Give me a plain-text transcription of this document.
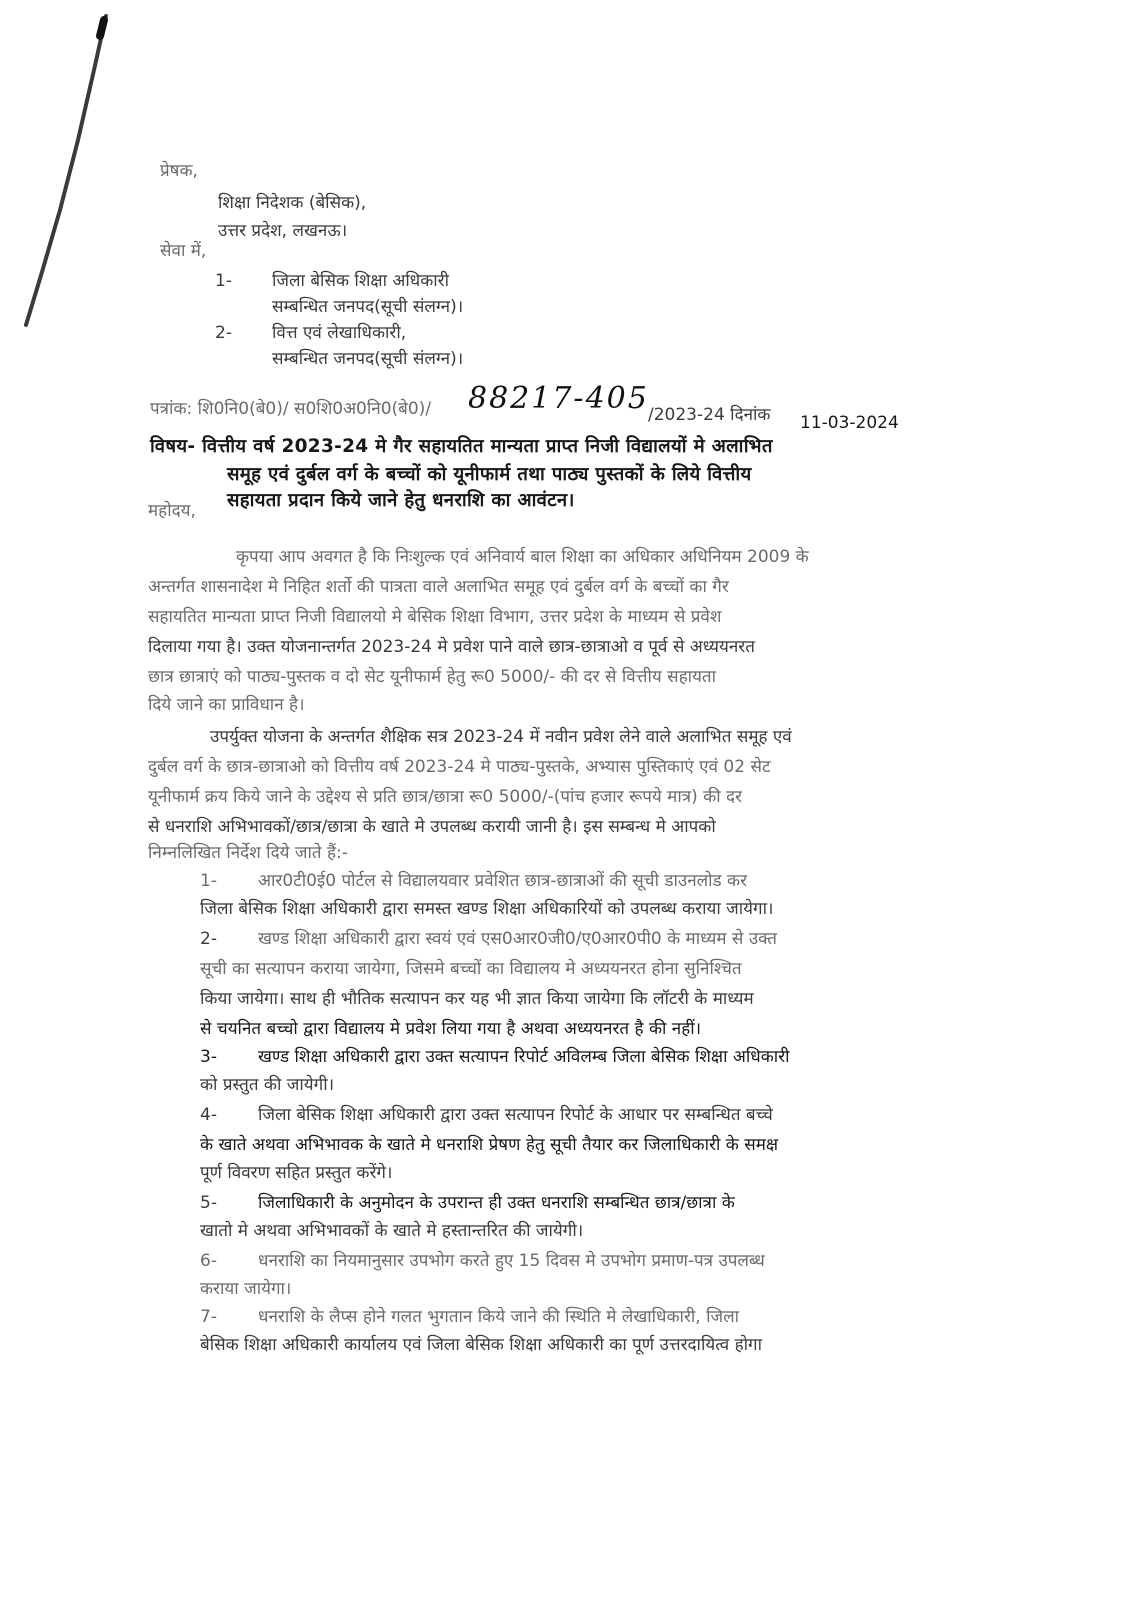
प्रेषक,
शिक्षा निदेशक (बेसिक),
उत्तर प्रदेश, लखनऊ।
सेवा में,
1- जिला बेसिक शिक्षा अधिकारी
सम्बन्धित जनपद(सूची संलग्न)।
2- वित्त एवं लेखाधिकारी,
सम्बन्धित जनपद(सूची संलग्न)।
पत्रांक: शि0नि0(बे0)/ स0शि0अ0नि0(बे0)/ 88217-405 /2023-24 दिनांक 11-03-2024
विषय- वित्तीय वर्ष 2023-24 मे गैर सहायतित मान्यता प्राप्त निजी विद्यालयों मे अलाभित
समूह एवं दुर्बल वर्ग के बच्चों को यूनीफार्म तथा पाठ्य पुस्तकों के लिये वित्तीय
सहायता प्रदान किये जाने हेतु धनराशि का आवंटन।
महोदय,
कृपया आप अवगत है कि निःशुल्क एवं अनिवार्य बाल शिक्षा का अधिकार अधिनियम 2009 के
अन्तर्गत शासनादेश मे निहित शर्तो की पात्रता वाले अलाभित समूह एवं दुर्बल वर्ग के बच्चों का गैर
सहायतित मान्यता प्राप्त निजी विद्यालयो मे बेसिक शिक्षा विभाग, उत्तर प्रदेश के माध्यम से प्रवेश
दिलाया गया है। उक्त योजनान्तर्गत 2023-24 मे प्रवेश पाने वाले छात्र-छात्राओ व पूर्व से अध्ययनरत
छात्र छात्राएं को पाठ्य-पुस्तक व दो सेट यूनीफार्म हेतु रू0 5000/- की दर से वित्तीय सहायता
दिये जाने का प्राविधान है।
उपर्युक्त योजना के अन्तर्गत शैक्षिक सत्र 2023-24 में नवीन प्रवेश लेने वाले अलाभित समूह एवं
दुर्बल वर्ग के छात्र-छात्राओ को वित्तीय वर्ष 2023-24 मे पाठ्य-पुस्तके, अभ्यास पुस्तिकाएं एवं 02 सेट
यूनीफार्म क्रय किये जाने के उद्देश्य से प्रति छात्र/छात्रा रू0 5000/-(पांच हजार रूपये मात्र) की दर
से धनराशि अभिभावकों/छात्र/छात्रा के खाते मे उपलब्ध करायी जानी है। इस सम्बन्ध मे आपको
निम्नलिखित निर्देश दिये जाते हैं:-
1- आर0टी0ई0 पोर्टल से विद्यालयवार प्रवेशित छात्र-छात्राओं की सूची डाउनलोड कर
जिला बेसिक शिक्षा अधिकारी द्वारा समस्त खण्ड शिक्षा अधिकारियों को उपलब्ध कराया जायेगा।
2- खण्ड शिक्षा अधिकारी द्वारा स्वयं एवं एस0आर0जी0/ए0आर0पी0 के माध्यम से उक्त
सूची का सत्यापन कराया जायेगा, जिसमे बच्चों का विद्यालय मे अध्ययनरत होना सुनिश्चित
किया जायेगा। साथ ही भौतिक सत्यापन कर यह भी ज्ञात किया जायेगा कि लॉटरी के माध्यम
से चयनित बच्चो द्वारा विद्यालय मे प्रवेश लिया गया है अथवा अध्ययनरत है की नहीं।
3- खण्ड शिक्षा अधिकारी द्वारा उक्त सत्यापन रिपोर्ट अविलम्ब जिला बेसिक शिक्षा अधिकारी
को प्रस्तुत की जायेगी।
4- जिला बेसिक शिक्षा अधिकारी द्वारा उक्त सत्यापन रिपोर्ट के आधार पर सम्बन्धित बच्चे
के खाते अथवा अभिभावक के खाते मे धनराशि प्रेषण हेतु सूची तैयार कर जिलाधिकारी के समक्ष
पूर्ण विवरण सहित प्रस्तुत करेंगे।
5- जिलाधिकारी के अनुमोदन के उपरान्त ही उक्त धनराशि सम्बन्धित छात्र/छात्रा के
खातो मे अथवा अभिभावकों के खाते मे हस्तान्तरित की जायेगी।
6- धनराशि का नियमानुसार उपभोग करते हुए 15 दिवस मे उपभोग प्रमाण-पत्र उपलब्ध
कराया जायेगा।
7- धनराशि के लैप्स होने गलत भुगतान किये जाने की स्थिति मे लेखाधिकारी, जिला
बेसिक शिक्षा अधिकारी कार्यालय एवं जिला बेसिक शिक्षा अधिकारी का पूर्ण उत्तरदायित्व होगा
